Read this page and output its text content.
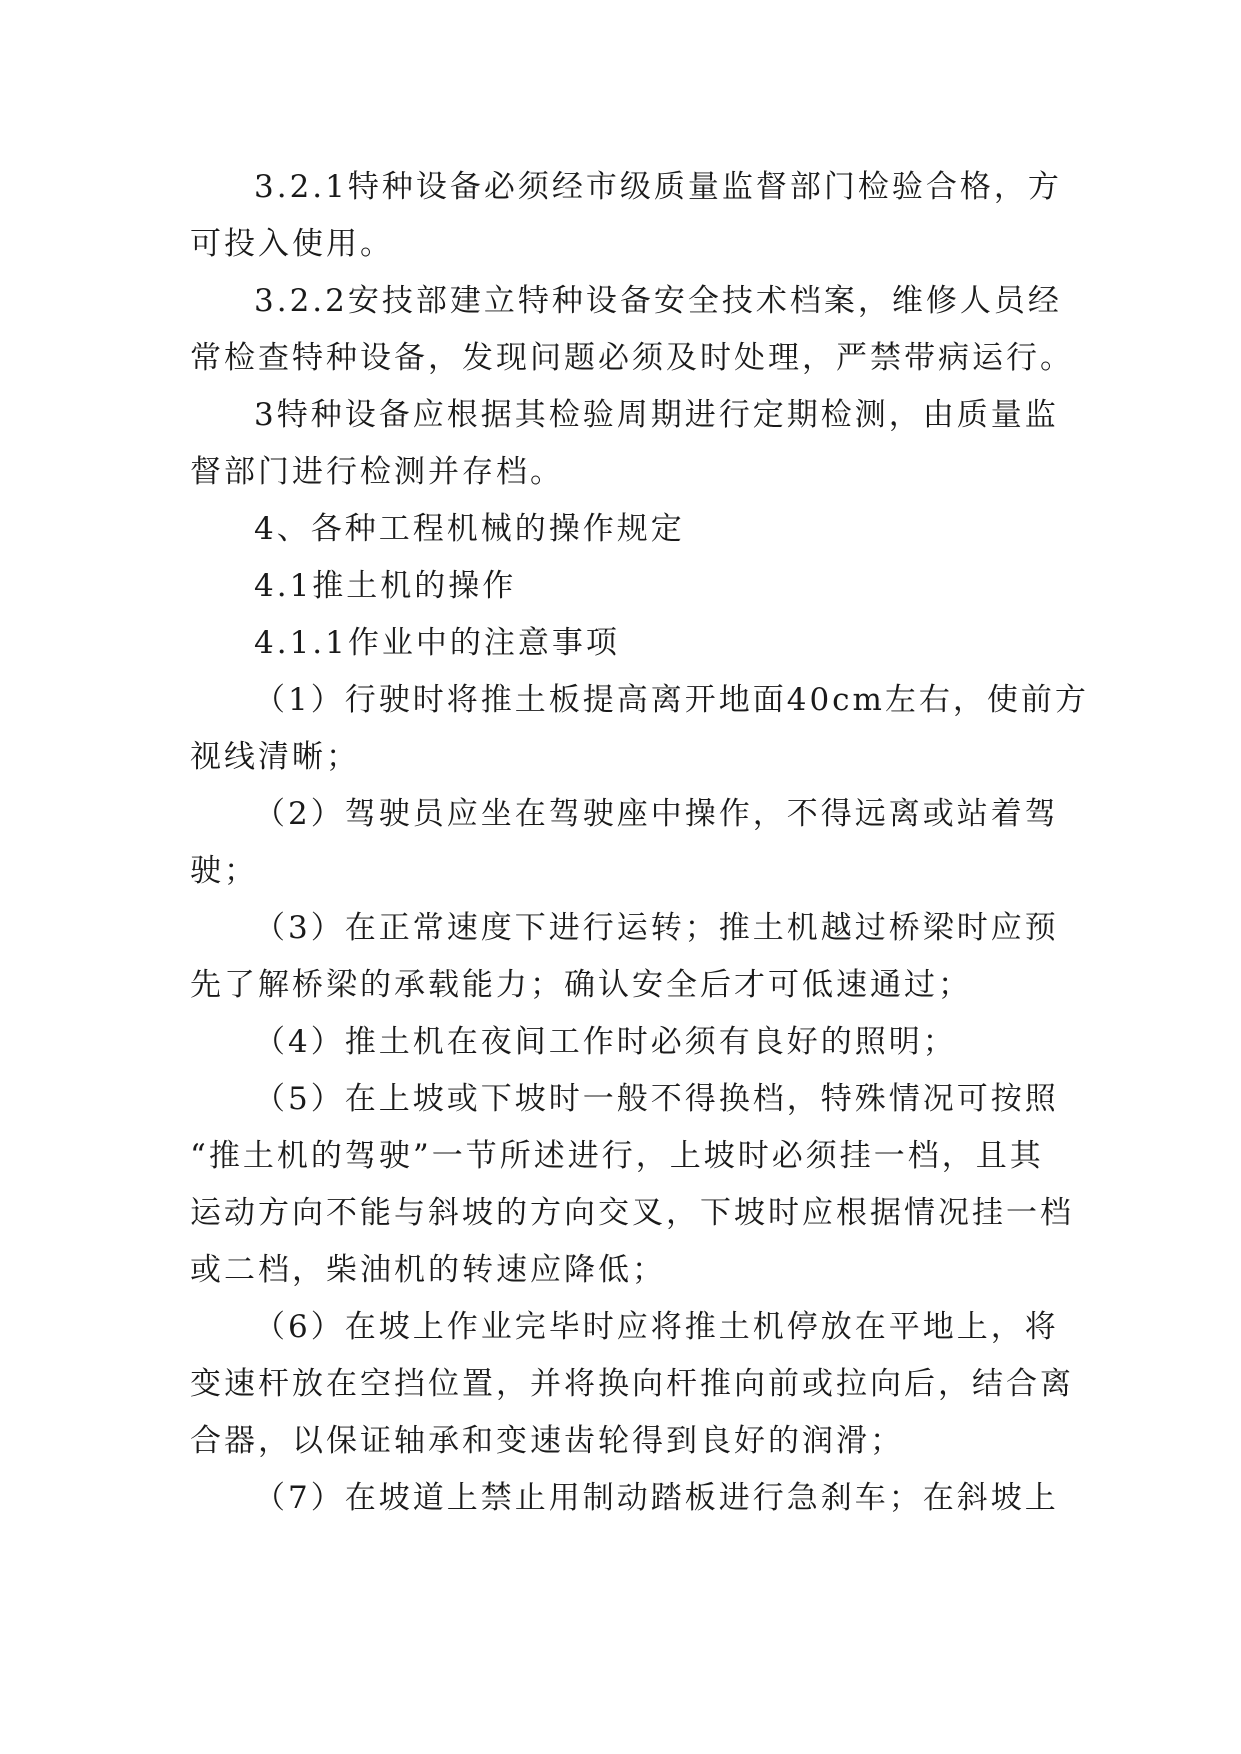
3.2.1特种设备必须经市级质量监督部门检验合格，方
可投入使用。
3.2.2安技部建立特种设备安全技术档案，维修人员经
常检查特种设备，发现问题必须及时处理，严禁带病运行。
3特种设备应根据其检验周期进行定期检测，由质量监
督部门进行检测并存档。
4、各种工程机械的操作规定
4.1推土机的操作
4.1.1作业中的注意事项
（1）行驶时将推土板提高离开地面40cm左右，使前方
视线清晰；
（2）驾驶员应坐在驾驶座中操作，不得远离或站着驾
驶；
（3）在正常速度下进行运转；推土机越过桥梁时应预
先了解桥梁的承载能力；确认安全后才可低速通过；
（4）推土机在夜间工作时必须有良好的照明；
（5）在上坡或下坡时一般不得换档，特殊情况可按照
“推土机的驾驶”一节所述进行，上坡时必须挂一档，且其
运动方向不能与斜坡的方向交叉，下坡时应根据情况挂一档
或二档，柴油机的转速应降低；
（6）在坡上作业完毕时应将推土机停放在平地上，将
变速杆放在空挡位置，并将换向杆推向前或拉向后，结合离
合器，以保证轴承和变速齿轮得到良好的润滑；
（7）在坡道上禁止用制动踏板进行急刹车；在斜坡上
